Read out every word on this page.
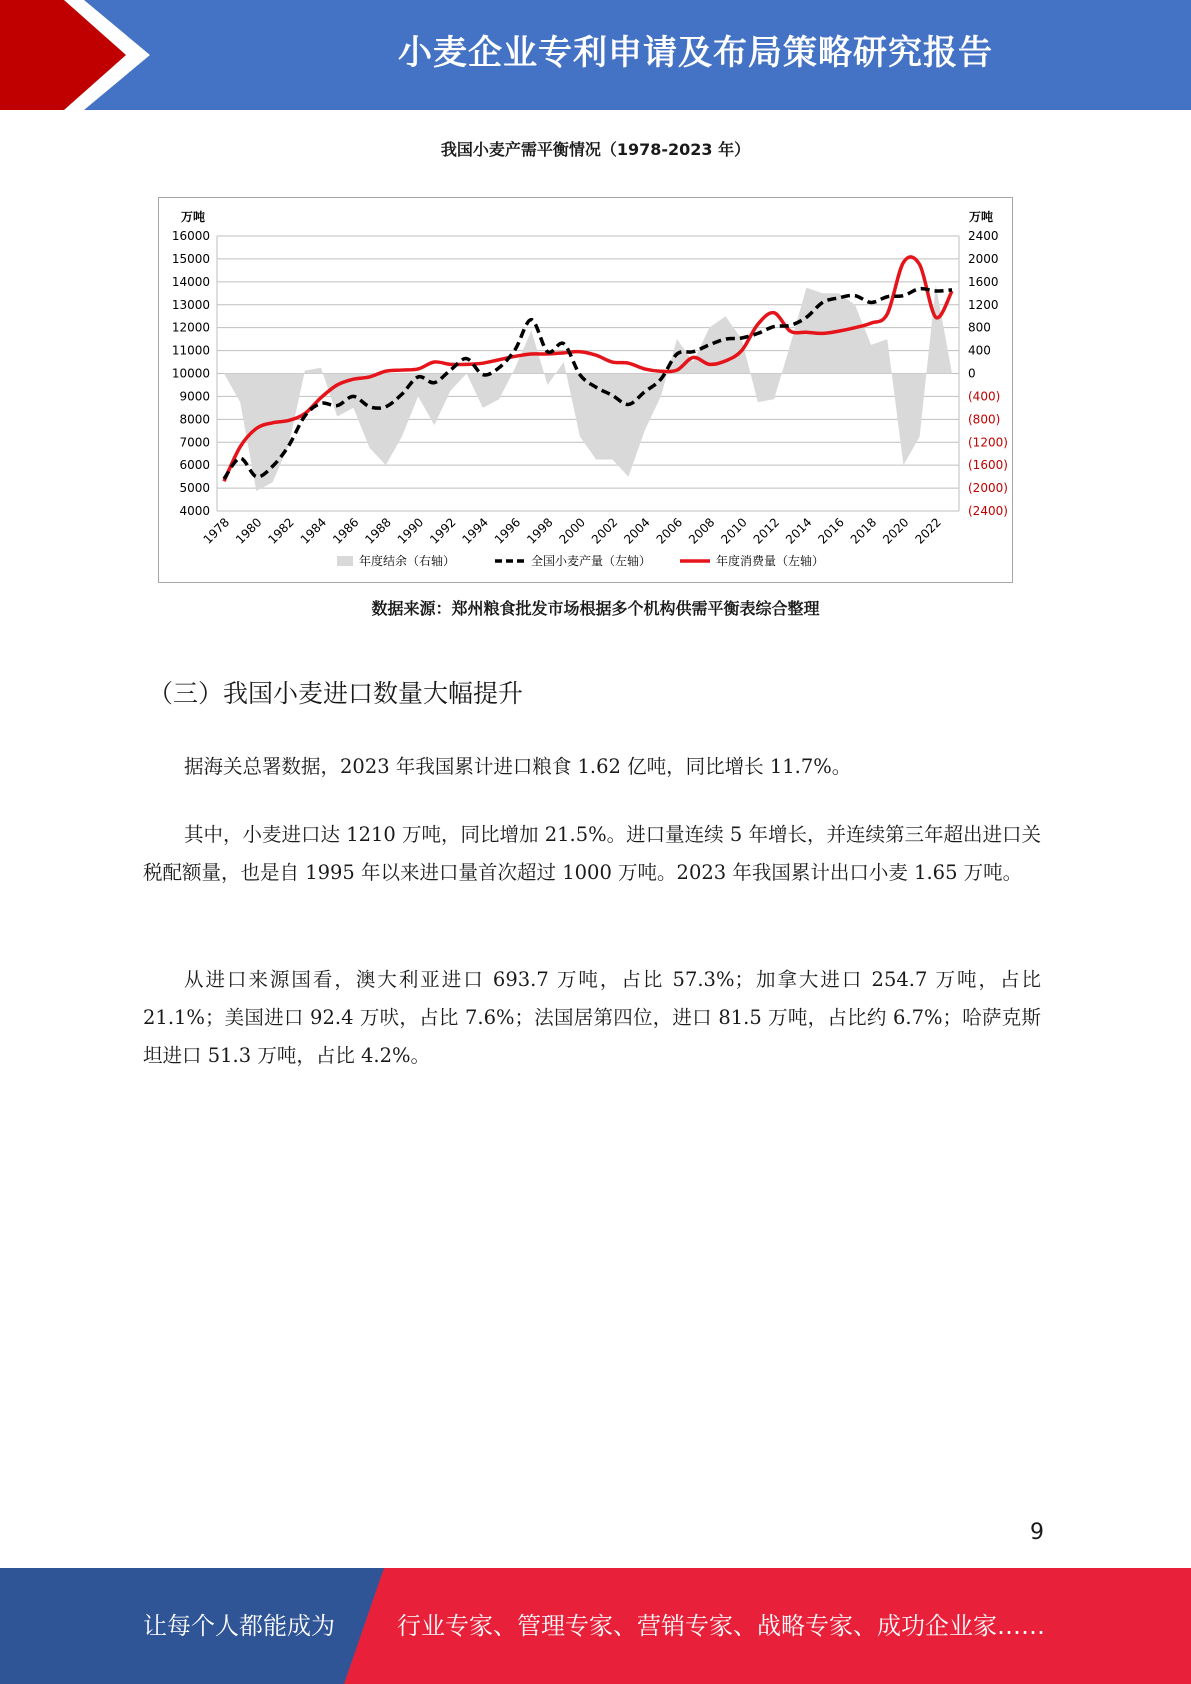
小麦企业专利申请及布局策略研究报告
我国小麦产需平衡情况（1978-2023 年）
16000
15000
14000
13000
12000
11000
10000
9000
8000
7000
6000
5000
4000
2400
2000
1600
1200
800
400
0
(400)
(800)
(1200)
(1600)
(2000)
(2400)
万吨	万吨
1978 1980 1982 1984 1986 1988 1990 1992 1994 1996 1998 2000 2002 2004 2006 2008 2010 2012 2014 2016 2018 2020 2022
年度结余（右轴）	全国小麦产量（左轴）	年度消费量（左轴）
数据来源：郑州粮食批发市场根据多个机构供需平衡表综合整理
（三）我国小麦进口数量大幅提升
据海关总署数据，2023 年我国累计进口粮食 1.62 亿吨，同比增长 11.7%。
其中，小麦进口达 1210 万吨，同比增加 21.5%。进口量连续 5 年增长，并连续第三年超出进口关税配额量，也是自 1995 年以来进口量首次超过 1000 万吨。2023 年我国累计出口小麦 1.65 万吨。
从进口来源国看，澳大利亚进口 693.7 万吨，占比 57.3%；加拿大进口 254.7 万吨，占比 21.1%；美国进口 92.4 万吠，占比 7.6%；法国居第四位，进口 81.5 万吨，占比约 6.7%；哈萨克斯坦进口 51.3 万吨，占比 4.2%。
9
让每个人都能成为	行业专家、管理专家、营销专家、战略专家、成功企业家……
